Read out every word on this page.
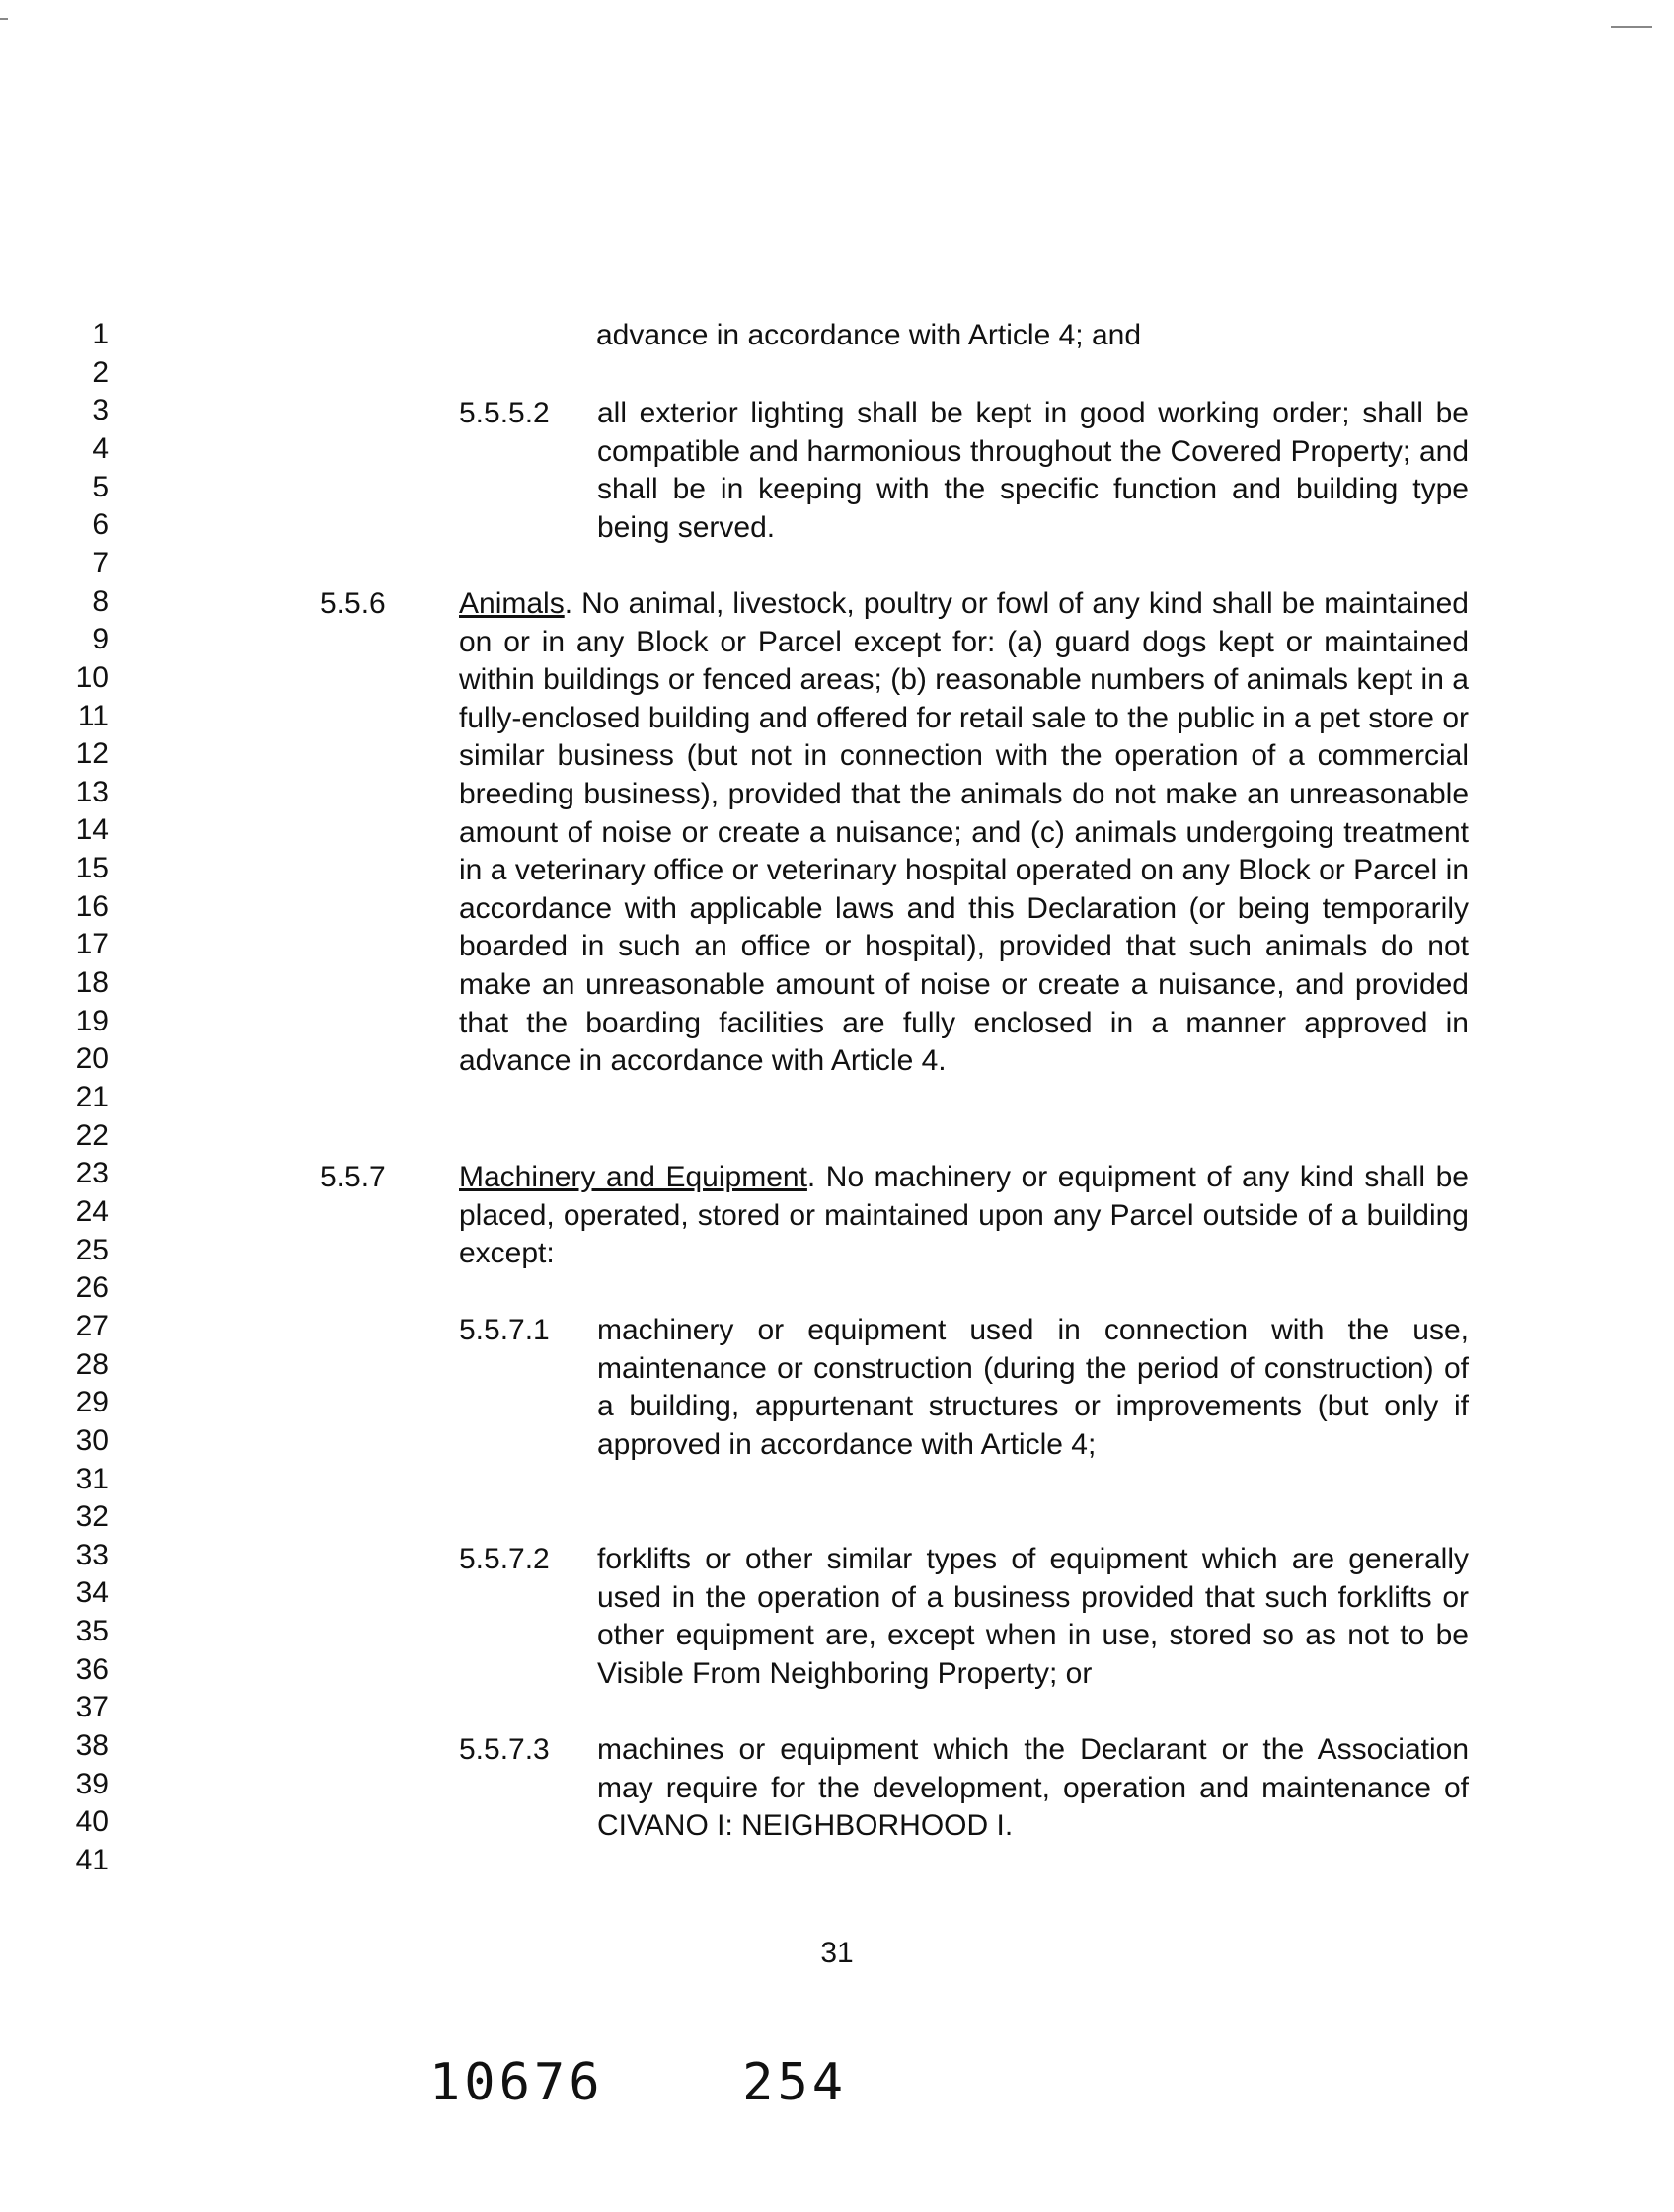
1
2
3
4
5
6
7
8
9
10
11
12
13
14
15
16
17
18
19
20
21
22
23
24
25
26
27
28
29
30
31
32
33
34
35
36
37
38
39
40
41

advance in accordance with Article 4; and

5.5.5.2 all exterior lighting shall be kept in good working order; shall be compatible and harmonious throughout the Covered Property; and shall be in keeping with the specific function and building type being served.

5.5.6 Animals. No animal, livestock, poultry or fowl of any kind shall be maintained on or in any Block or Parcel except for: (a) guard dogs kept or maintained within buildings or fenced areas; (b) reasonable numbers of animals kept in a fully-enclosed building and offered for retail sale to the public in a pet store or similar business (but not in connection with the operation of a commercial breeding business), provided that the animals do not make an unreasonable amount of noise or create a nuisance; and (c) animals undergoing treatment in a veterinary office or veterinary hospital operated on any Block or Parcel in accordance with applicable laws and this Declaration (or being temporarily boarded in such an office or hospital), provided that such animals do not make an unreasonable amount of noise or create a nuisance, and provided that the boarding facilities are fully enclosed in a manner approved in advance in accordance with Article 4.

5.5.7 Machinery and Equipment. No machinery or equipment of any kind shall be placed, operated, stored or maintained upon any Parcel outside of a building except:

5.5.7.1 machinery or equipment used in connection with the use, maintenance or construction (during the period of construction) of a building, appurtenant structures or improvements (but only if approved in accordance with Article 4;

5.5.7.2 forklifts or other similar types of equipment which are generally used in the operation of a business provided that such forklifts or other equipment are, except when in use, stored so as not to be Visible From Neighboring Property; or

5.5.7.3 machines or equipment which the Declarant or the Association may require for the development, operation and maintenance of CIVANO I: NEIGHBORHOOD I.

31
10676	254
